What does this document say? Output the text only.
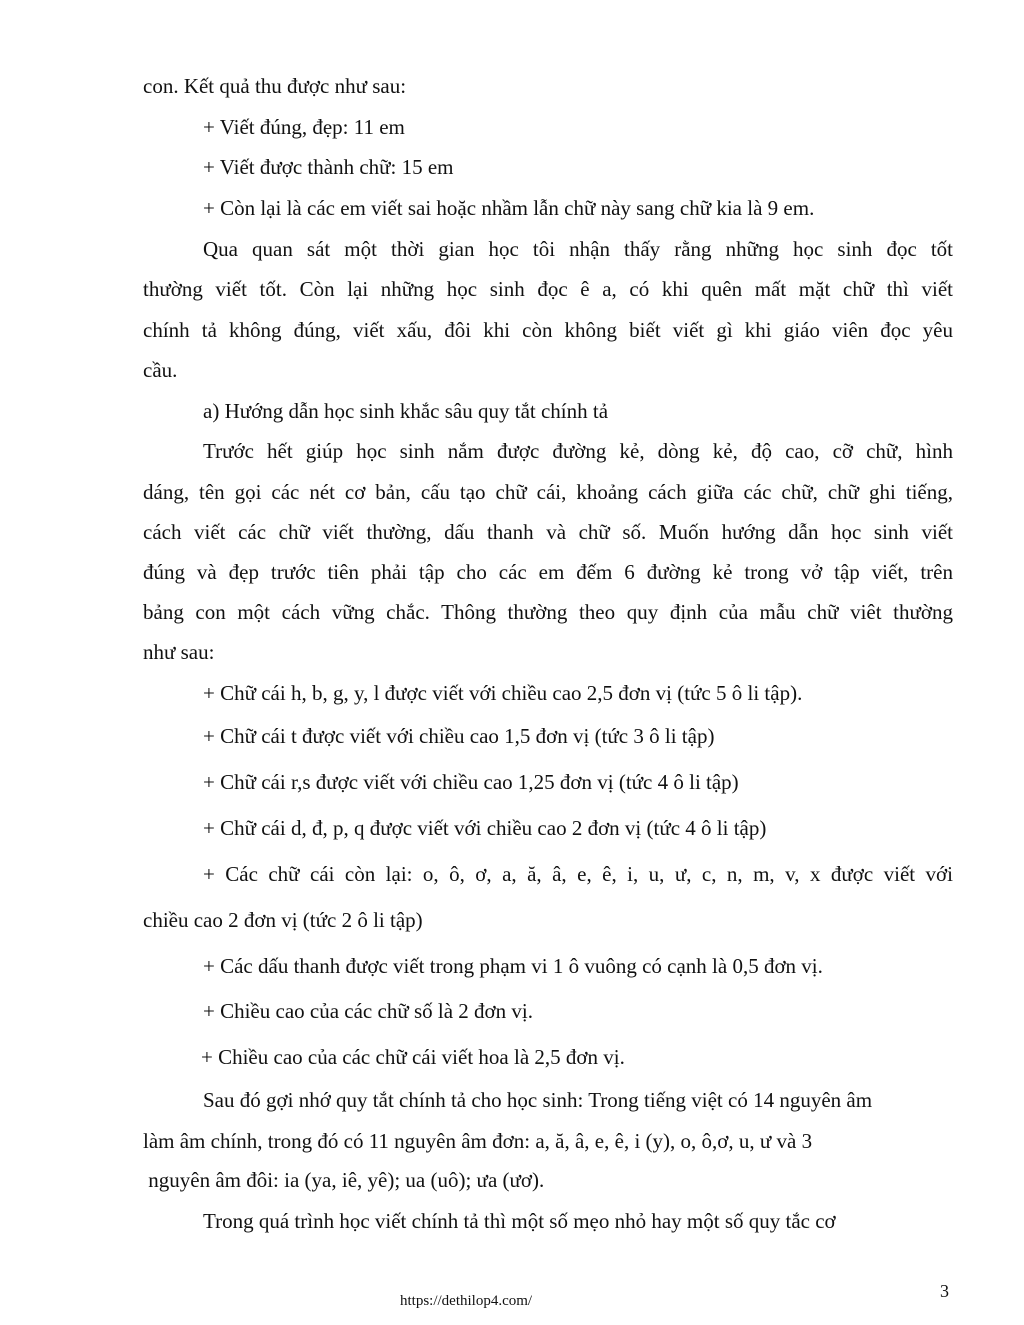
con. Kết quả thu được như sau:
+ Viết đúng, đẹp: 11 em
+ Viết được thành chữ: 15 em
+ Còn lại là các em viết sai hoặc nhầm lẫn chữ này sang chữ kia là 9 em.
Qua quan sát một thời gian học tôi nhận thấy rằng những học sinh đọc tốt
thường viết tốt. Còn lại những học sinh đọc ê a, có khi quên mất mặt chữ thì viết
chính tả không đúng, viết xấu, đôi khi còn không biết viết gì khi giáo viên đọc yêu
cầu.
a) Hướng dẫn học sinh khắc sâu quy tắt chính tả
Trước hết giúp học sinh nắm được đường kẻ, dòng kẻ, độ cao, cỡ chữ, hình
dáng, tên gọi các nét cơ bản, cấu tạo chữ cái, khoảng cách giữa các chữ, chữ ghi tiếng,
cách viết các chữ viết thường, dấu thanh và chữ số. Muốn hướng dẫn học sinh viết
đúng và đẹp trước tiên phải tập cho các em đếm 6 đường kẻ trong vở tập viết, trên
bảng con một cách vững chắc. Thông thường theo quy định của mẫu chữ viêt thường
như sau:
+ Chữ cái h, b, g, y, l được viết với chiều cao 2,5 đơn vị (tức 5 ô li tập).
+ Chữ cái t được viết với chiều cao 1,5 đơn vị (tức 3 ô li tập)
+ Chữ cái r,s được viết với chiều cao 1,25 đơn vị (tức 4 ô li tập)
+ Chữ cái d, đ, p, q được viết với chiều cao 2 đơn vị (tức 4 ô li tập)
+ Các chữ cái còn lại: o, ô, ơ, a, ă, â, e, ê, i, u, ư, c, n, m, v, x được viết với
chiều cao 2 đơn vị (tức 2 ô li tập)
+ Các dấu thanh được viết trong phạm vi 1 ô vuông có cạnh là 0,5 đơn vị.
+ Chiều cao của các chữ số là 2 đơn vị.
+ Chiều cao của các chữ cái viết hoa là 2,5 đơn vị.
Sau đó gợi nhớ quy tắt chính tả cho học sinh: Trong tiếng việt có 14 nguyên âm
làm âm chính, trong đó có 11 nguyên âm đơn: a, ă, â, e, ê, i (y), o, ô,ơ, u, ư và 3
nguyên âm đôi: ia (ya, iê, yê); ua (uô); ưa (ươ).
Trong quá trình học viết chính tả thì một số mẹo nhỏ hay một số quy tắc cơ
https://dethilop4.com/	3
